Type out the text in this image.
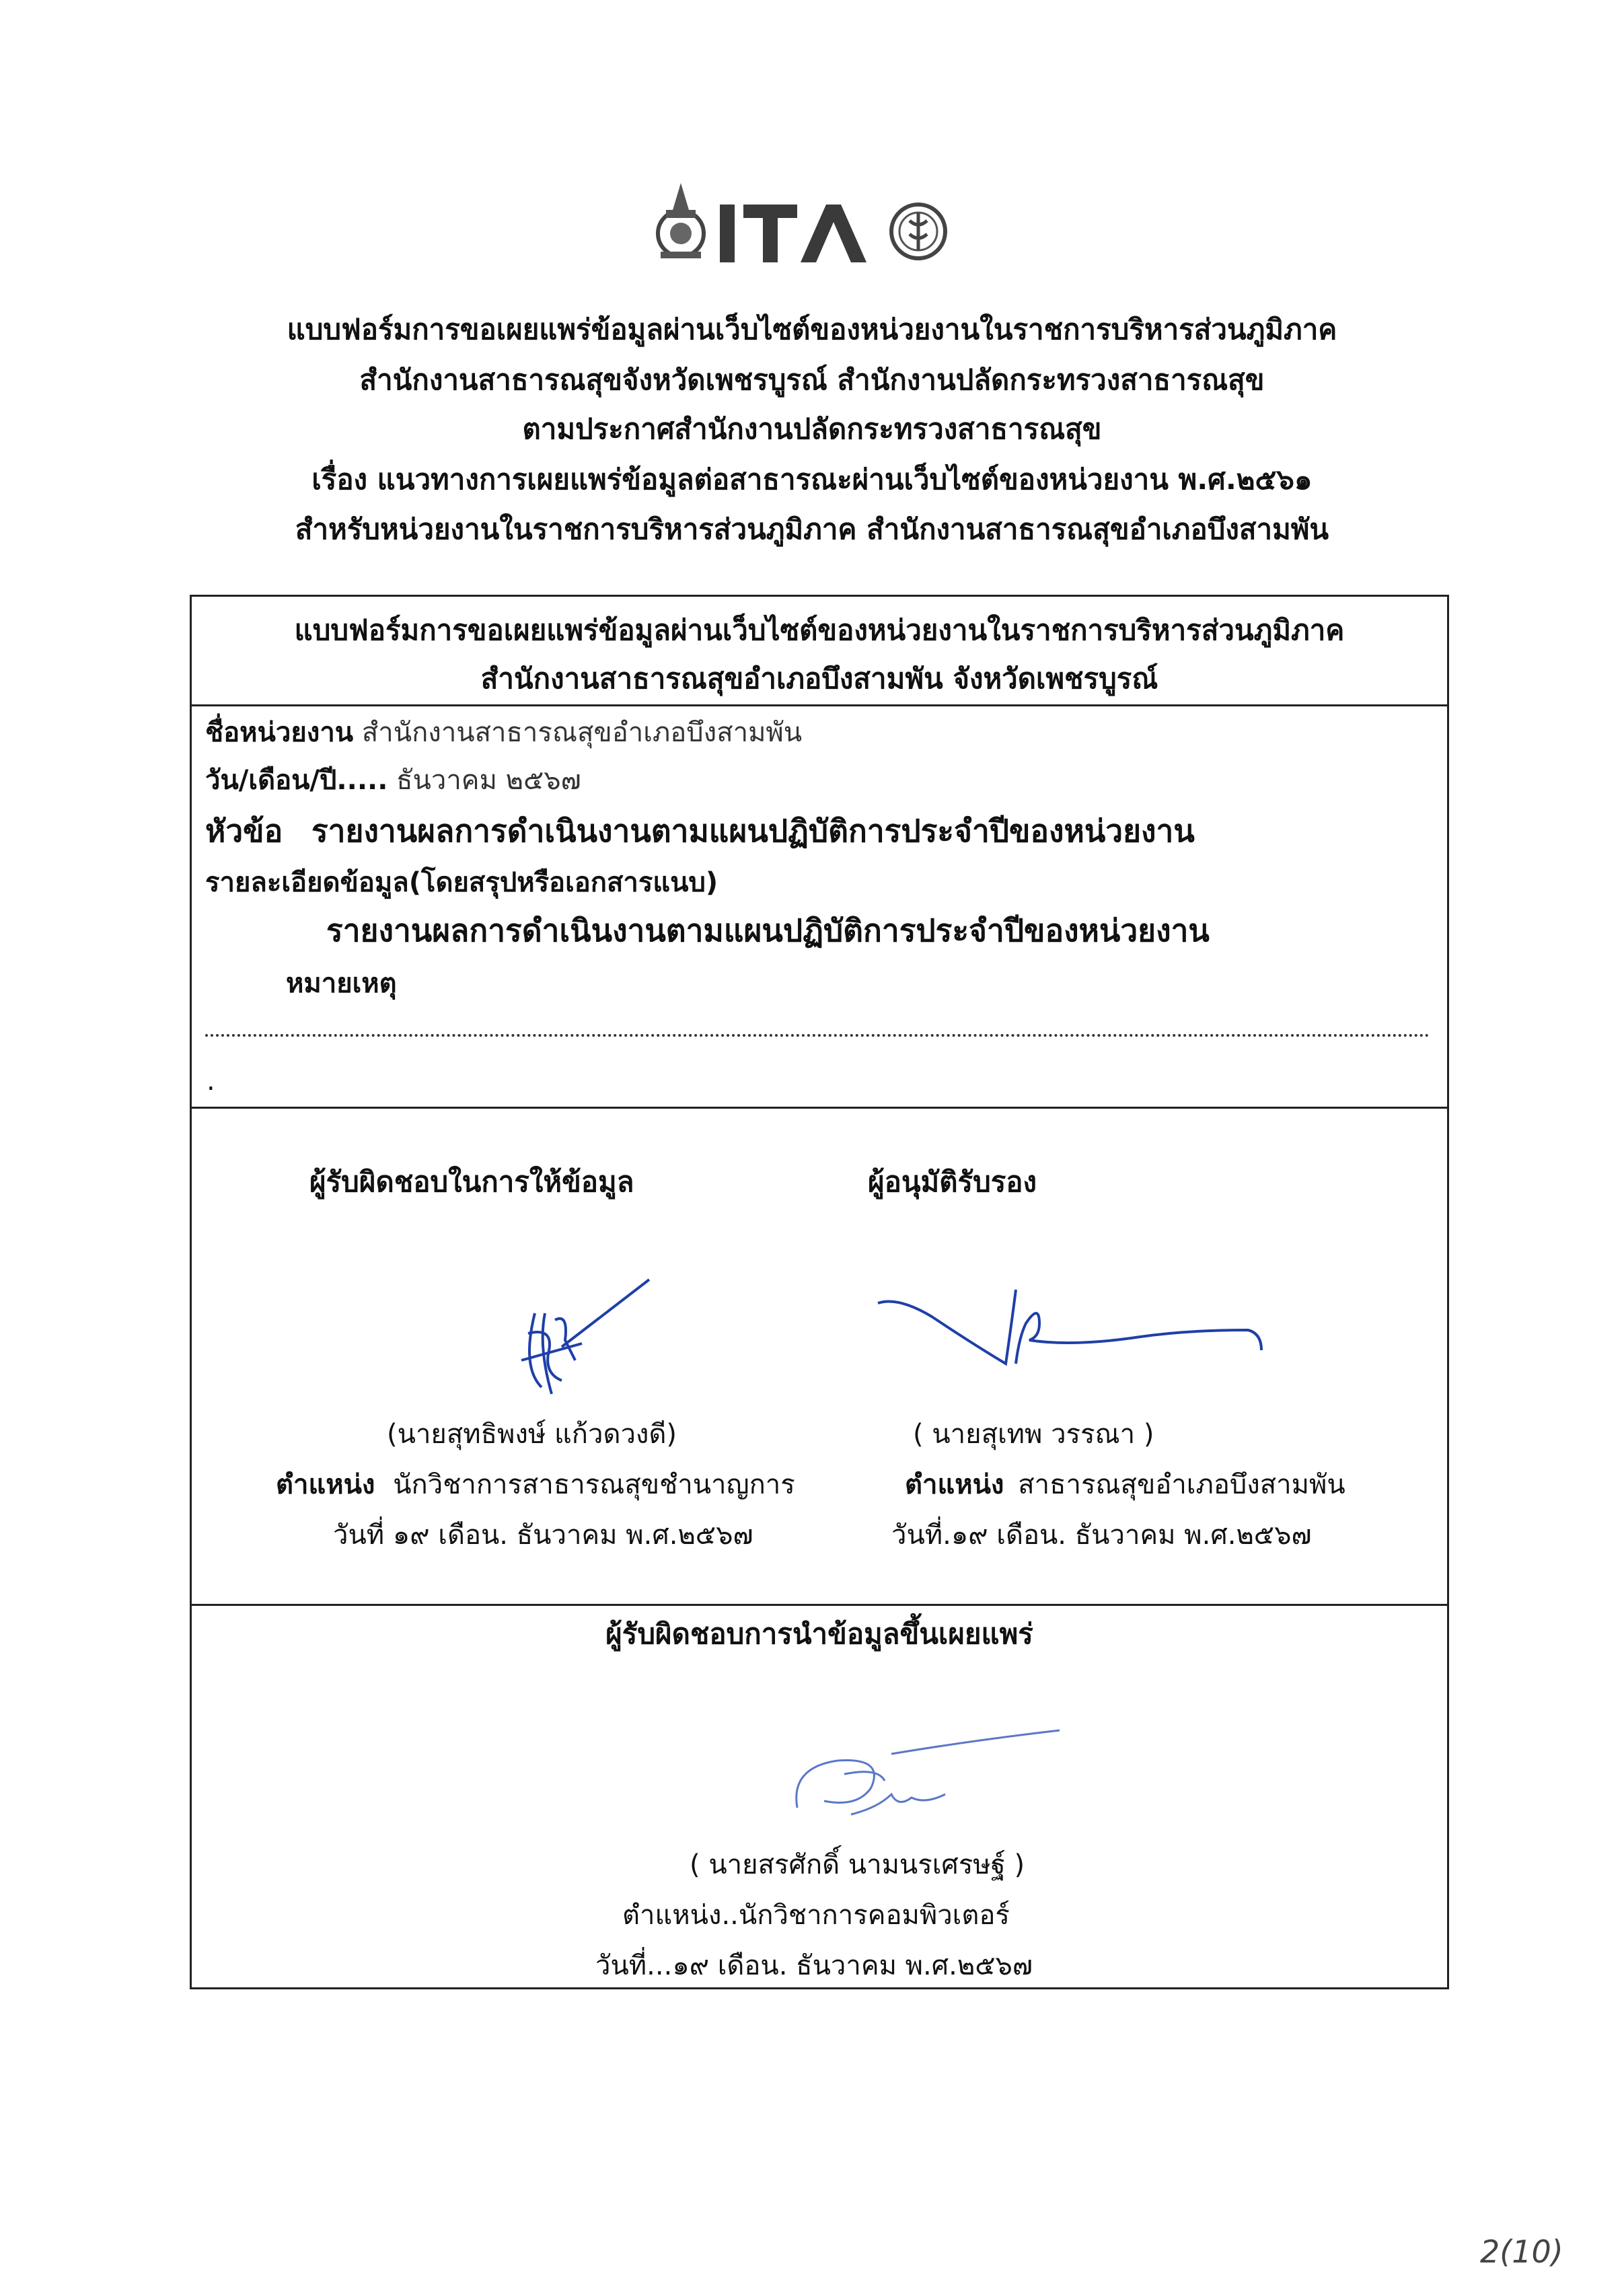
แบบฟอร์มการขอเผยแพร่ข้อมูลผ่านเว็บไซต์ของหน่วยงานในราชการบริหารส่วนภูมิภาค
สำนักงานสาธารณสุขจังหวัดเพชรบูรณ์ สำนักงานปลัดกระทรวงสาธารณสุข
ตามประกาศสำนักงานปลัดกระทรวงสาธารณสุข
เรื่อง แนวทางการเผยแพร่ข้อมูลต่อสาธารณะผ่านเว็บไซต์ของหน่วยงาน พ.ศ.๒๕๖๑
สำหรับหน่วยงานในราชการบริหารส่วนภูมิภาค สำนักงานสาธารณสุขอำเภอบึงสามพัน
แบบฟอร์มการขอเผยแพร่ข้อมูลผ่านเว็บไซต์ของหน่วยงานในราชการบริหารส่วนภูมิภาค
สำนักงานสาธารณสุขอำเภอบึงสามพัน จังหวัดเพชรบูรณ์
ชื่อหน่วยงาน สำนักงานสาธารณสุขอำเภอบึงสามพัน
วัน/เดือน/ปี..... ธันวาคม ๒๕๖๗
หัวข้อ รายงานผลการดำเนินงานตามแผนปฏิบัติการประจำปีของหน่วยงาน
รายละเอียดข้อมูล(โดยสรุปหรือเอกสารแนบ)
รายงานผลการดำเนินงานตามแผนปฏิบัติการประจำปีของหน่วยงาน
หมายเหตุ
.
ผู้รับผิดชอบในการให้ข้อมูล	ผู้อนุมัติรับรอง
(นายสุทธิพงษ์ แก้วดวงดี)	( นายสุเทพ วรรณา )
ตำแหน่ง นักวิชาการสาธารณสุขชำนาญการ	ตำแหน่ง สาธารณสุขอำเภอบึงสามพัน
วันที่ ๑๙ เดือน. ธันวาคม พ.ศ.๒๕๖๗	วันที่.๑๙ เดือน. ธันวาคม พ.ศ.๒๕๖๗
ผู้รับผิดชอบการนำข้อมูลขึ้นเผยแพร่
( นายสรศักดิ์ นามนรเศรษฐ์ )
ตำแหน่ง..นักวิชาการคอมพิวเตอร์
วันที่...๑๙ เดือน. ธันวาคม พ.ศ.๒๕๖๗
2(10)
